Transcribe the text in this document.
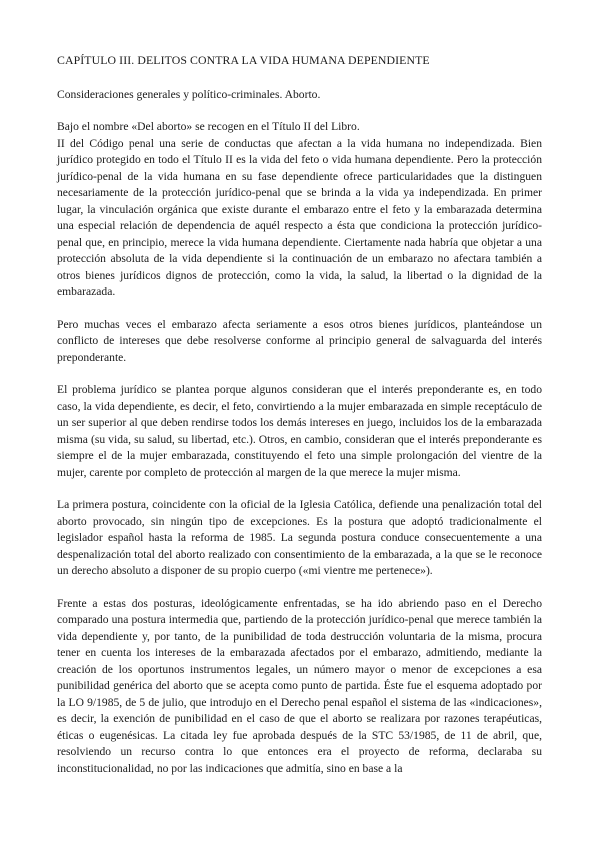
CAPÍTULO III. DELITOS CONTRA LA VIDA HUMANA DEPENDIENTE

Consideraciones generales y político-criminales. Aborto.

Bajo el nombre «Del aborto» se recogen en el Título II del Libro.

II del Código penal una serie de conductas que afectan a la vida humana no independizada. Bien jurídico protegido en todo el Título II es la vida del feto o vida humana dependiente. Pero la protección jurídico-penal de la vida humana en su fase dependiente ofrece particularidades que la distinguen necesariamente de la protección jurídico-penal que se brinda a la vida ya independizada. En primer lugar, la vinculación orgánica que existe durante el embarazo entre el feto y la embarazada determina una especial relación de dependencia de aquél respecto a ésta que condiciona la protección jurídico-penal que, en principio, merece la vida humana dependiente. Ciertamente nada habría que objetar a una protección absoluta de la vida dependiente si la continuación de un embarazo no afectara también a otros bienes jurídicos dignos de protección, como la vida, la salud, la libertad o la dignidad de la embarazada.

Pero muchas veces el embarazo afecta seriamente a esos otros bienes jurídicos, planteándose un conflicto de intereses que debe resolverse conforme al principio general de salvaguarda del interés preponderante.

El problema jurídico se plantea porque algunos consideran que el interés preponderante es, en todo caso, la vida dependiente, es decir, el feto, convirtiendo a la mujer embarazada en simple receptáculo de un ser superior al que deben rendirse todos los demás intereses en juego, incluidos los de la embarazada misma (su vida, su salud, su libertad, etc.). Otros, en cambio, consideran que el interés preponderante es siempre el de la mujer embarazada, constituyendo el feto una simple prolongación del vientre de la mujer, carente por completo de protección al margen de la que merece la mujer misma.

La primera postura, coincidente con la oficial de la Iglesia Católica, defiende una penalización total del aborto provocado, sin ningún tipo de excepciones. Es la postura que adoptó tradicionalmente el legislador español hasta la reforma de 1985. La segunda postura conduce consecuentemente a una despenalización total del aborto realizado con consentimiento de la embarazada, a la que se le reconoce un derecho absoluto a disponer de su propio cuerpo («mi vientre me pertenece»).

Frente a estas dos posturas, ideológicamente enfrentadas, se ha ido abriendo paso en el Derecho comparado una postura intermedia que, partiendo de la protección jurídico-penal que merece también la vida dependiente y, por tanto, de la punibilidad de toda destrucción voluntaria de la misma, procura tener en cuenta los intereses de la embarazada afectados por el embarazo, admitiendo, mediante la creación de los oportunos instrumentos legales, un número mayor o menor de excepciones a esa punibilidad genérica del aborto que se acepta como punto de partida. Éste fue el esquema adoptado por la LO 9/1985, de 5 de julio, que introdujo en el Derecho penal español el sistema de las «indicaciones», es decir, la exención de punibilidad en el caso de que el aborto se realizara por razones terapéuticas, éticas o eugenésicas. La citada ley fue aprobada después de la STC 53/1985, de 11 de abril, que, resolviendo un recurso contra lo que entonces era el proyecto de reforma, declaraba su inconstitucionalidad, no por las indicaciones que admitía, sino en base a la
